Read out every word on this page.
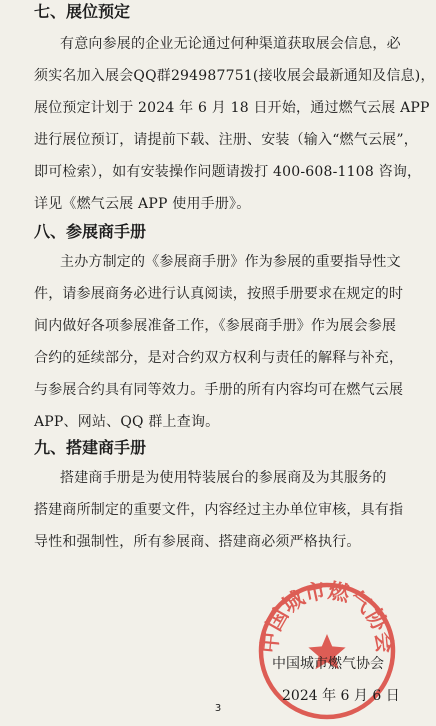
七、展位预定
有意向参展的企业无论通过何种渠道获取展会信息，必
须实名加入展会QQ群294987751(接收展会最新通知及信息)，
展位预定计划于 2024 年 6 月 18 日开始，通过燃气云展 APP
进行展位预订，请提前下载、注册、安装（输入“燃气云展”，
即可检索），如有安装操作问题请拨打 400-608-1108 咨询，
详见《燃气云展 APP 使用手册》。
八、参展商手册
主办方制定的《参展商手册》作为参展的重要指导性文
件，请参展商务必进行认真阅读，按照手册要求在规定的时
间内做好各项参展准备工作，《参展商手册》作为展会参展
合约的延续部分，是对合约双方权利与责任的解释与补充，
与参展合约具有同等效力。手册的所有内容均可在燃气云展
APP、网站、QQ 群上查询。
九、搭建商手册
搭建商手册是为使用特装展台的参展商及为其服务的
搭建商所制定的重要文件，内容经过主办单位审核，具有指
导性和强制性，所有参展商、搭建商必须严格执行。
中国城市燃气协会
中国城市燃气协会
2024 年 6 月 6 日
3
